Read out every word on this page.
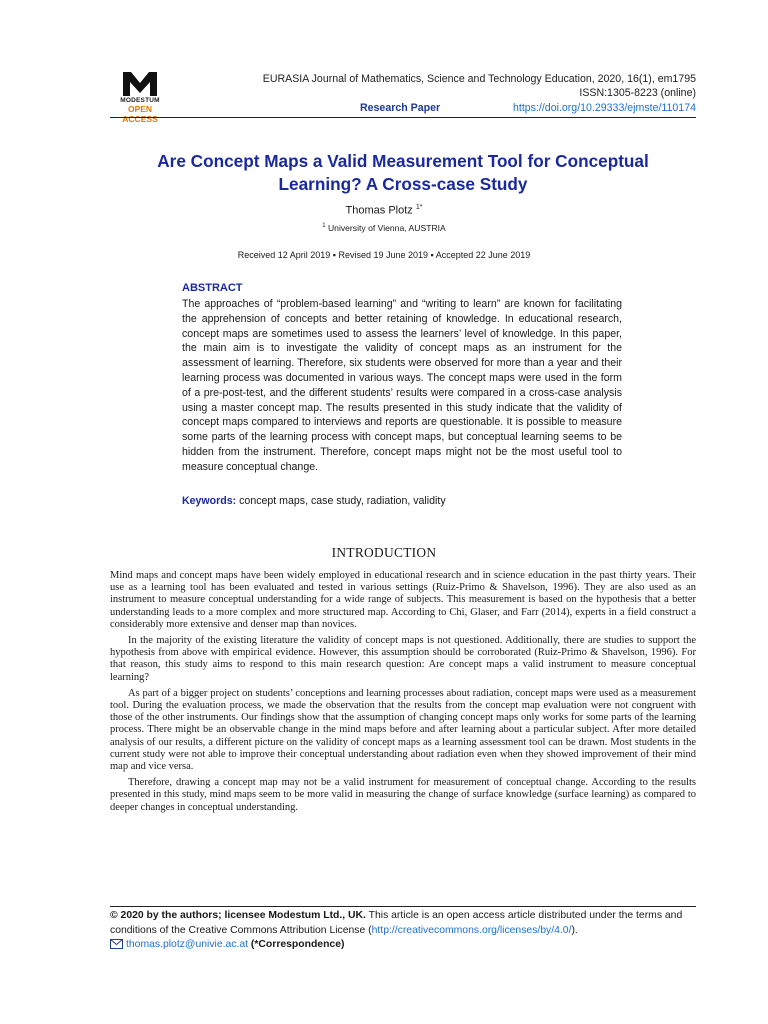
MODESTUM
OPEN ACCESS
EURASIA Journal of Mathematics, Science and Technology Education, 2020, 16(1), em1795
ISSN:1305-8223 (online)
Research Paper	https://doi.org/10.29333/ejmste/110174
Are Concept Maps a Valid Measurement Tool for Conceptual
Learning? A Cross-case Study
Thomas Plotz $^{1*}$
$^1$ University of Vienna, AUSTRIA
Received 12 April 2019 ▪ Revised 19 June 2019 ▪ Accepted 22 June 2019
ABSTRACT
The approaches of “problem-based learning” and “writing to learn” are known for facilitating the apprehension of concepts and better retaining of knowledge. In educational research, concept maps are sometimes used to assess the learners’ level of knowledge. In this paper, the main aim is to investigate the validity of concept maps as an instrument for the assessment of learning. Therefore, six students were observed for more than a year and their learning process was documented in various ways. The concept maps were used in the form of a pre-post-test, and the different students’ results were compared in a cross-case analysis using a master concept map. The results presented in this study indicate that the validity of concept maps compared to interviews and reports are questionable. It is possible to measure some parts of the learning process with concept maps, but conceptual learning seems to be hidden from the instrument. Therefore, concept maps might not be the most useful tool to measure conceptual change.
Keywords: concept maps, case study, radiation, validity
INTRODUCTION

Mind maps and concept maps have been widely employed in educational research and in science education in the past thirty years. Their use as a learning tool has been evaluated and tested in various settings (Ruiz-Primo & Shavelson, 1996). They are also used as an instrument to measure conceptual understanding for a wide range of subjects. This measurement is based on the hypothesis that a better understanding leads to a more complex and more structured map. According to Chi, Glaser, and Farr (2014), experts in a field construct a considerably more extensive and denser map than novices.

In the majority of the existing literature the validity of concept maps is not questioned. Additionally, there are studies to support the hypothesis from above with empirical evidence. However, this assumption should be corroborated (Ruiz-Primo & Shavelson, 1996). For that reason, this study aims to respond to this main research question: Are concept maps a valid instrument to measure conceptual learning?

As part of a bigger project on students’ conceptions and learning processes about radiation, concept maps were used as a measurement tool. During the evaluation process, we made the observation that the results from the concept map evaluation were not congruent with those of the other instruments. Our findings show that the assumption of changing concept maps only works for some parts of the learning process. There might be an observable change in the mind maps before and after learning about a particular subject. After more detailed analysis of our results, a different picture on the validity of concept maps as a learning assessment tool can be drawn. Most students in the current study were not able to improve their conceptual understanding about radiation even when they showed improvement of their mind map and vice versa.

Therefore, drawing a concept map may not be a valid instrument for measurement of conceptual change. According to the results presented in this study, mind maps seem to be more valid in measuring the change of surface knowledge (surface learning) as compared to deeper changes in conceptual understanding.

© 2020 by the authors; licensee Modestum Ltd., UK. This article is an open access article distributed under the terms and conditions of the Creative Commons Attribution License (http://creativecommons.org/licenses/by/4.0/).
thomas.plotz@univie.ac.at (*Correspondence)
